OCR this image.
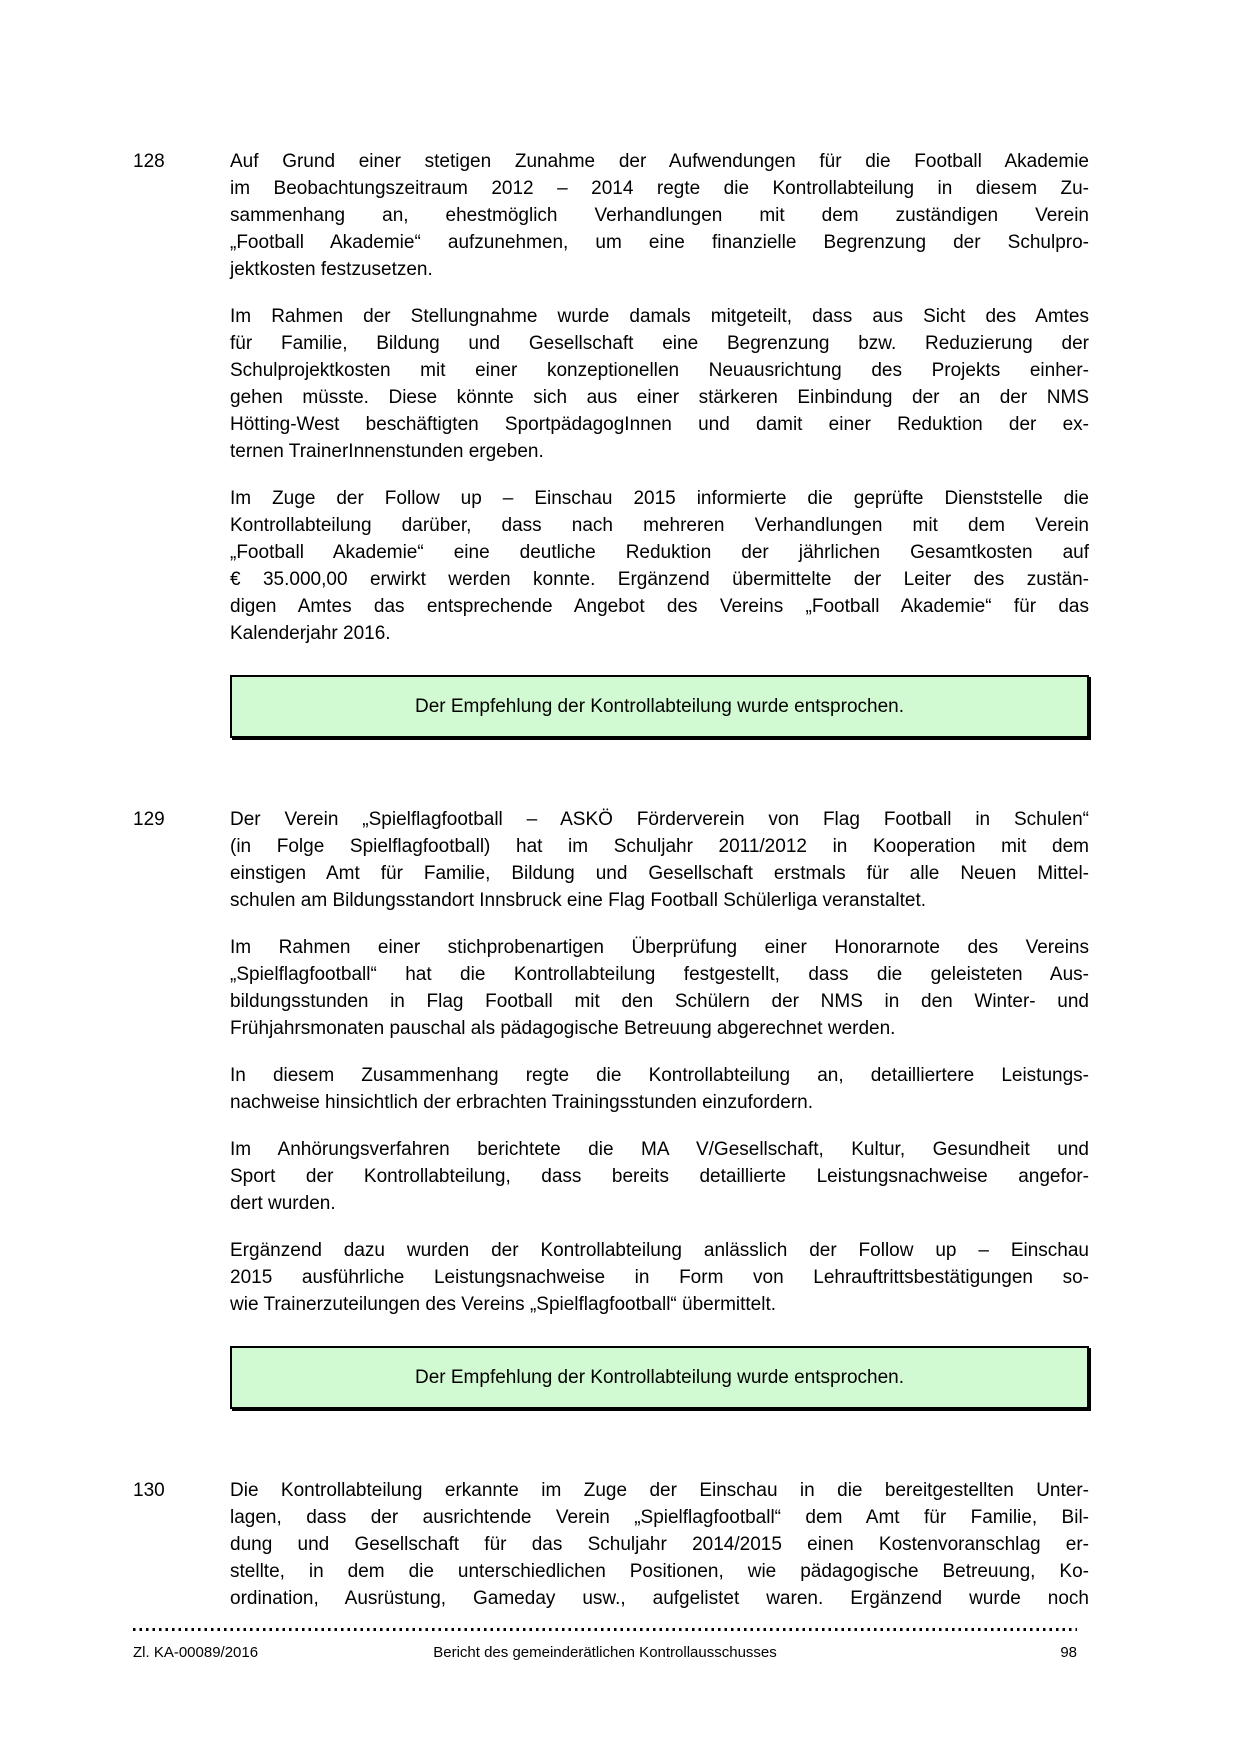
128	Auf Grund einer stetigen Zunahme der Aufwendungen für die Football Akademie
im Beobachtungszeitraum 2012 – 2014 regte die Kontrollabteilung in diesem Zu-
sammenhang an, ehestmöglich Verhandlungen mit dem zuständigen Verein
„Football Akademie“ aufzunehmen, um eine finanzielle Begrenzung der Schulpro-
jektkosten festzusetzen.
Im Rahmen der Stellungnahme wurde damals mitgeteilt, dass aus Sicht des Amtes
für Familie, Bildung und Gesellschaft eine Begrenzung bzw. Reduzierung der
Schulprojektkosten mit einer konzeptionellen Neuausrichtung des Projekts einher-
gehen müsste. Diese könnte sich aus einer stärkeren Einbindung der an der NMS
Hötting-West beschäftigten SportpädagogInnen und damit einer Reduktion der ex-
ternen TrainerInnenstunden ergeben.
Im Zuge der Follow up – Einschau 2015 informierte die geprüfte Dienststelle die
Kontrollabteilung darüber, dass nach mehreren Verhandlungen mit dem Verein
„Football Akademie“ eine deutliche Reduktion der jährlichen Gesamtkosten auf
€ 35.000,00 erwirkt werden konnte. Ergänzend übermittelte der Leiter des zustän-
digen Amtes das entsprechende Angebot des Vereins „Football Akademie“ für das
Kalenderjahr 2016.
Der Empfehlung der Kontrollabteilung wurde entsprochen.
129	Der Verein „Spielflagfootball – ASKÖ Förderverein von Flag Football in Schulen“
(in Folge Spielflagfootball) hat im Schuljahr 2011/2012 in Kooperation mit dem
einstigen Amt für Familie, Bildung und Gesellschaft erstmals für alle Neuen Mittel-
schulen am Bildungsstandort Innsbruck eine Flag Football Schülerliga veranstaltet.
Im Rahmen einer stichprobenartigen Überprüfung einer Honorarnote des Vereins
„Spielflagfootball“ hat die Kontrollabteilung festgestellt, dass die geleisteten Aus-
bildungsstunden in Flag Football mit den Schülern der NMS in den Winter- und
Frühjahrsmonaten pauschal als pädagogische Betreuung abgerechnet werden.
In diesem Zusammenhang regte die Kontrollabteilung an, detailliertere Leistungs-
nachweise hinsichtlich der erbrachten Trainingsstunden einzufordern.
Im Anhörungsverfahren berichtete die MA V/Gesellschaft, Kultur, Gesundheit und
Sport der Kontrollabteilung, dass bereits detaillierte Leistungsnachweise angefor-
dert wurden.
Ergänzend dazu wurden der Kontrollabteilung anlässlich der Follow up – Einschau
2015 ausführliche Leistungsnachweise in Form von Lehrauftrittsbestätigungen so-
wie Trainerzuteilungen des Vereins „Spielflagfootball“ übermittelt.
Der Empfehlung der Kontrollabteilung wurde entsprochen.
130	Die Kontrollabteilung erkannte im Zuge der Einschau in die bereitgestellten Unter-
lagen, dass der ausrichtende Verein „Spielflagfootball“ dem Amt für Familie, Bil-
dung und Gesellschaft für das Schuljahr 2014/2015 einen Kostenvoranschlag er-
stellte, in dem die unterschiedlichen Positionen, wie pädagogische Betreuung, Ko-
ordination, Ausrüstung, Gameday usw., aufgelistet waren. Ergänzend wurde noch
Zl. KA-00089/2016	Bericht des gemeinderätlichen Kontrollausschusses	98
